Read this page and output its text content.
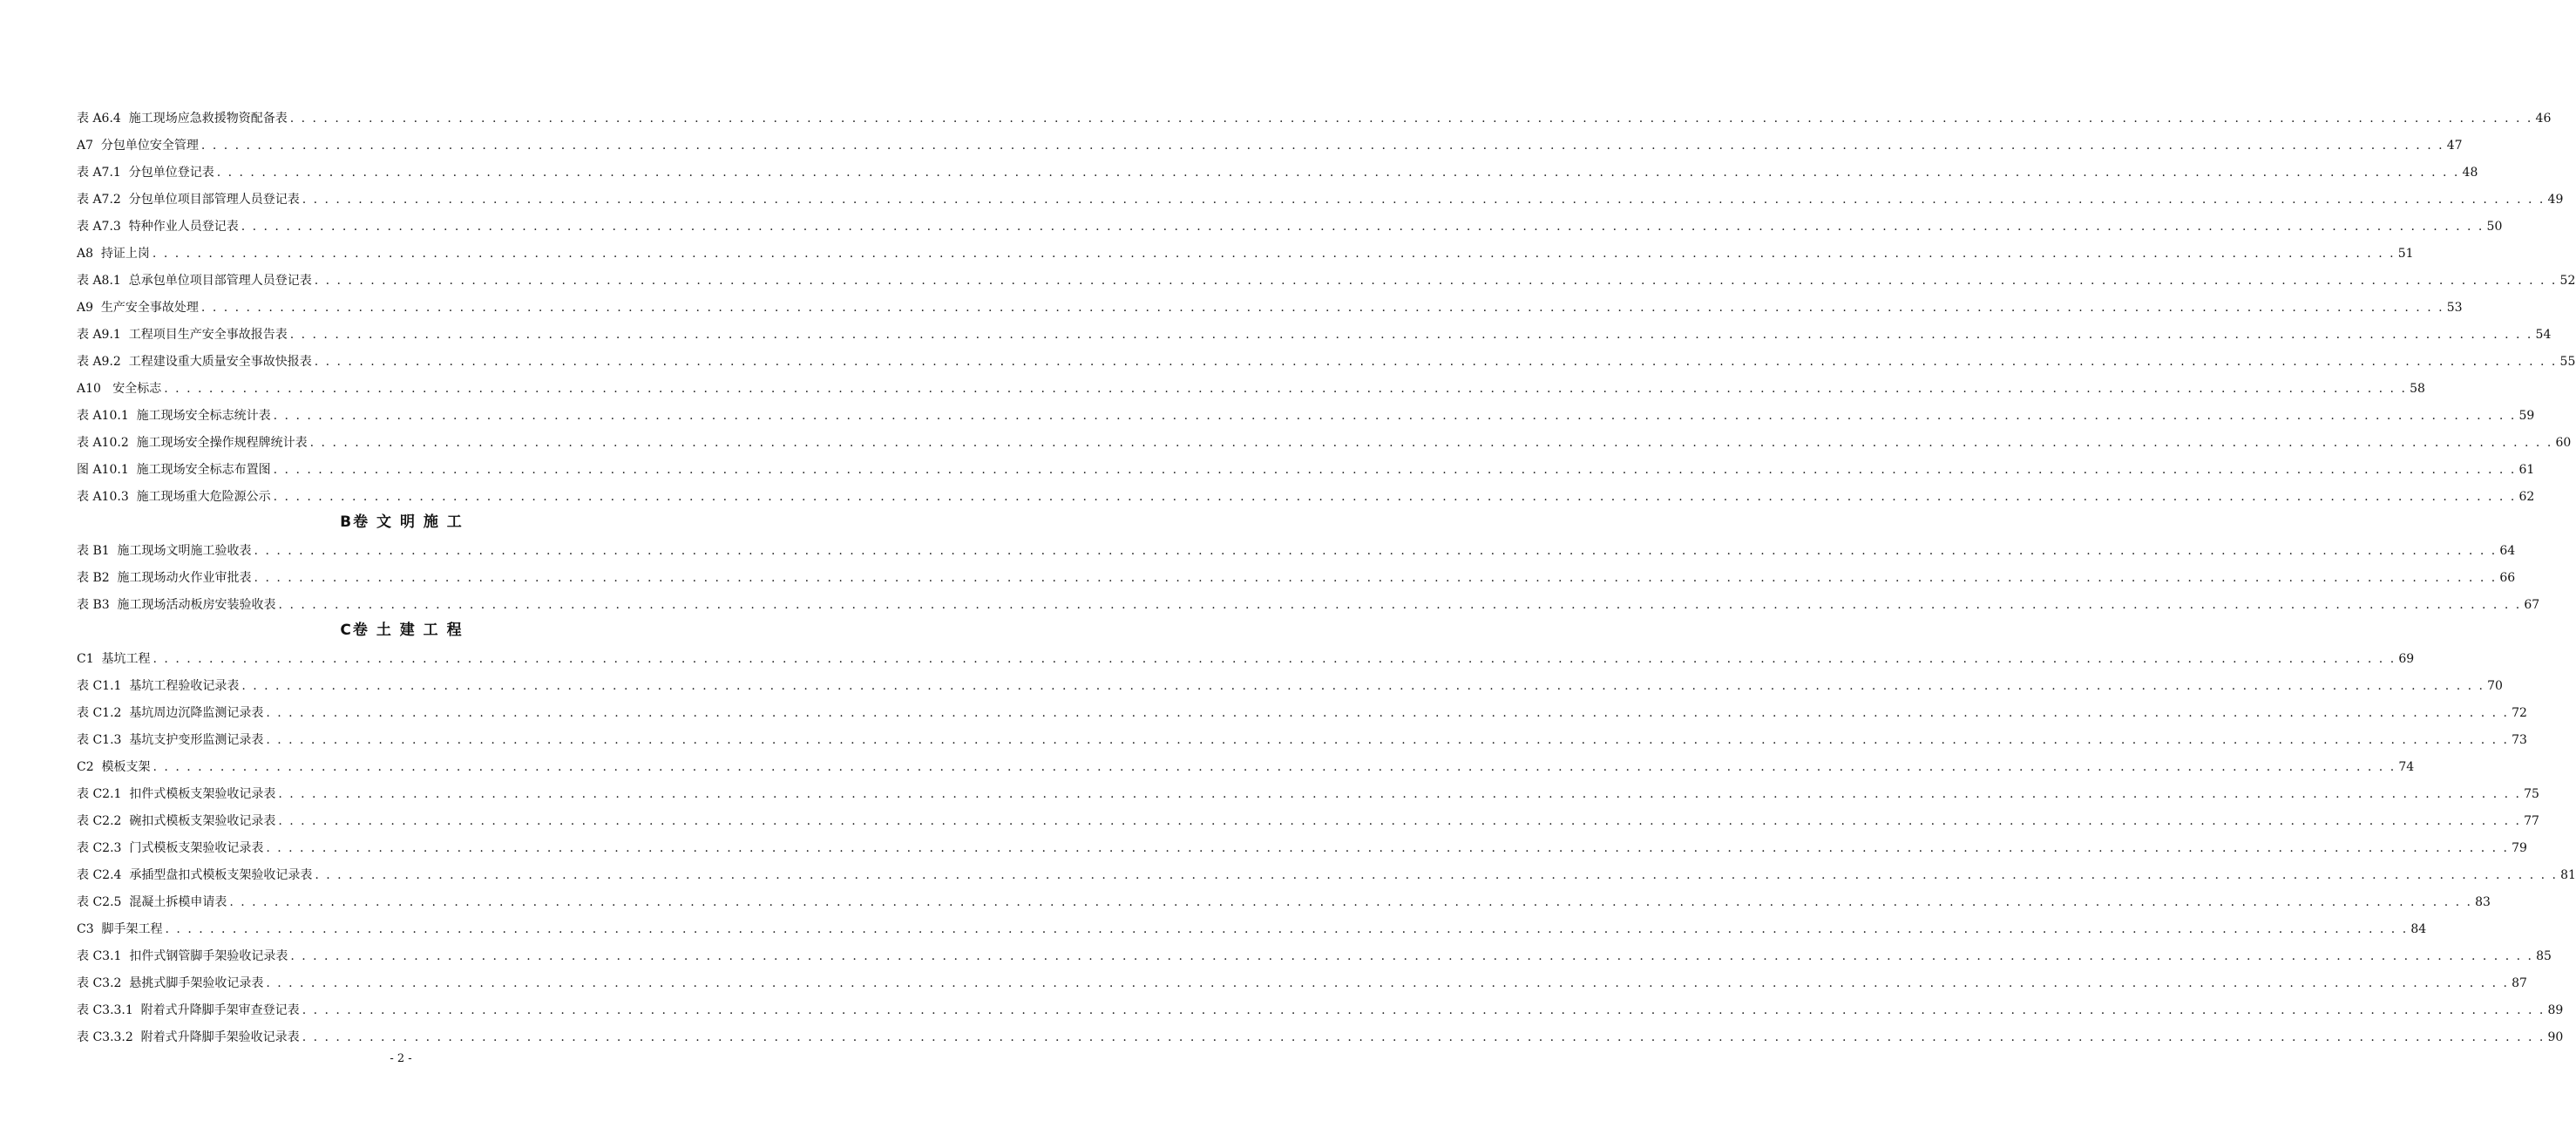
表 A6.4  施工现场应急救援物资配备表 . . . . . . . . . . . . . . . . . . . . . . . . . . . . . . . . . . . . . . . . . . . . . . . . . . . . . . . . . . . . . . . . . . . . . . . . . . . . . . . . . . . . . . . . . . . . . . . . . . . . . . . . . . . . . . . . . . . . . . . . . . . . . . . . . . . . . . . . . . . . . . . . . . . . . . . . . . . . . . . . . . . . . . . . . . . . . . . . . . . . . . . . . . . . . . . . . . . . . . . . 46
A7  分包单位安全管理 . . . . . . . . . . . . . . . . . . . . . . . . . . . . . . . . . . . . . . . . . . . . . . . . . . . . . . . . . . . . . . . . . . . . . . . . . . . . . . . . . . . . . . . . . . . . . . . . . . . . . . . . . . . . . . . . . . . . . . . . . . . . . . . . . . . . . . . . . . . . . . . . . . . . . . . . . . . . . . . . . . . . . . . . . . . . . . . . . . . . . . . . . . . . . . . . . . . . . . . . 47
表 A7.1  分包单位登记表 . . . . . . . . . . . . . . . . . . . . . . . . . . . . . . . . . . . . . . . . . . . . . . . . . . . . . . . . . . . . . . . . . . . . . . . . . . . . . . . . . . . . . . . . . . . . . . . . . . . . . . . . . . . . . . . . . . . . . . . . . . . . . . . . . . . . . . . . . . . . . . . . . . . . . . . . . . . . . . . . . . . . . . . . . . . . . . . . . . . . . . . . . . . . . . . . . . . . . . . . 48
表 A7.2  分包单位项目部管理人员登记表 . . . . . . . . . . . . . . . . . . . . . . . . . . . . . . . . . . . . . . . . . . . . . . . . . . . . . . . . . . . . . . . . . . . . . . . . . . . . . . . . . . . . . . . . . . . . . . . . . . . . . . . . . . . . . . . . . . . . . . . . . . . . . . . . . . . . . . . . . . . . . . . . . . . . . . . . . . . . . . . . . . . . . . . . . . . . . . . . . . . . . . . . . . . . . . . . . . . . . . . . 49
表 A7.3  特种作业人员登记表 . . . . . . . . . . . . . . . . . . . . . . . . . . . . . . . . . . . . . . . . . . . . . . . . . . . . . . . . . . . . . . . . . . . . . . . . . . . . . . . . . . . . . . . . . . . . . . . . . . . . . . . . . . . . . . . . . . . . . . . . . . . . . . . . . . . . . . . . . . . . . . . . . . . . . . . . . . . . . . . . . . . . . . . . . . . . . . . . . . . . . . . . . . . . . . . . . . . . . . . . 50
A8  持证上岗 . . . . . . . . . . . . . . . . . . . . . . . . . . . . . . . . . . . . . . . . . . . . . . . . . . . . . . . . . . . . . . . . . . . . . . . . . . . . . . . . . . . . . . . . . . . . . . . . . . . . . . . . . . . . . . . . . . . . . . . . . . . . . . . . . . . . . . . . . . . . . . . . . . . . . . . . . . . . . . . . . . . . . . . . . . . . . . . . . . . . . . . . . . . . . . . . . . . . . . . . 51
表 A8.1  总承包单位项目部管理人员登记表 . . . . . . . . . . . . . . . . . . . . . . . . . . . . . . . . . . . . . . . . . . . . . . . . . . . . . . . . . . . . . . . . . . . . . . . . . . . . . . . . . . . . . . . . . . . . . . . . . . . . . . . . . . . . . . . . . . . . . . . . . . . . . . . . . . . . . . . . . . . . . . . . . . . . . . . . . . . . . . . . . . . . . . . . . . . . . . . . . . . . . . . . . . . . . . . . . . . . . . . . 52
A9  生产安全事故处理 . . . . . . . . . . . . . . . . . . . . . . . . . . . . . . . . . . . . . . . . . . . . . . . . . . . . . . . . . . . . . . . . . . . . . . . . . . . . . . . . . . . . . . . . . . . . . . . . . . . . . . . . . . . . . . . . . . . . . . . . . . . . . . . . . . . . . . . . . . . . . . . . . . . . . . . . . . . . . . . . . . . . . . . . . . . . . . . . . . . . . . . . . . . . . . . . . . . . . . . . 53
表 A9.1  工程项目生产安全事故报告表 . . . . . . . . . . . . . . . . . . . . . . . . . . . . . . . . . . . . . . . . . . . . . . . . . . . . . . . . . . . . . . . . . . . . . . . . . . . . . . . . . . . . . . . . . . . . . . . . . . . . . . . . . . . . . . . . . . . . . . . . . . . . . . . . . . . . . . . . . . . . . . . . . . . . . . . . . . . . . . . . . . . . . . . . . . . . . . . . . . . . . . . . . . . . . . . . . . . . . . . . 54
表 A9.2  工程建设重大质量安全事故快报表 . . . . . . . . . . . . . . . . . . . . . . . . . . . . . . . . . . . . . . . . . . . . . . . . . . . . . . . . . . . . . . . . . . . . . . . . . . . . . . . . . . . . . . . . . . . . . . . . . . . . . . . . . . . . . . . . . . . . . . . . . . . . . . . . . . . . . . . . . . . . . . . . . . . . . . . . . . . . . . . . . . . . . . . . . . . . . . . . . . . . . . . . . . . . . . . . . . . . . . . . 55
A10   安全标志 . . . . . . . . . . . . . . . . . . . . . . . . . . . . . . . . . . . . . . . . . . . . . . . . . . . . . . . . . . . . . . . . . . . . . . . . . . . . . . . . . . . . . . . . . . . . . . . . . . . . . . . . . . . . . . . . . . . . . . . . . . . . . . . . . . . . . . . . . . . . . . . . . . . . . . . . . . . . . . . . . . . . . . . . . . . . . . . . . . . . . . . . . . . . . . . . . . . . . . . . 58
表 A10.1  施工现场安全标志统计表 . . . . . . . . . . . . . . . . . . . . . . . . . . . . . . . . . . . . . . . . . . . . . . . . . . . . . . . . . . . . . . . . . . . . . . . . . . . . . . . . . . . . . . . . . . . . . . . . . . . . . . . . . . . . . . . . . . . . . . . . . . . . . . . . . . . . . . . . . . . . . . . . . . . . . . . . . . . . . . . . . . . . . . . . . . . . . . . . . . . . . . . . . . . . . . . . . . . . . . . . 59
表 A10.2  施工现场安全操作规程牌统计表 . . . . . . . . . . . . . . . . . . . . . . . . . . . . . . . . . . . . . . . . . . . . . . . . . . . . . . . . . . . . . . . . . . . . . . . . . . . . . . . . . . . . . . . . . . . . . . . . . . . . . . . . . . . . . . . . . . . . . . . . . . . . . . . . . . . . . . . . . . . . . . . . . . . . . . . . . . . . . . . . . . . . . . . . . . . . . . . . . . . . . . . . . . . . . . . . . . . . . . . . 60
图 A10.1  施工现场安全标志布置图 . . . . . . . . . . . . . . . . . . . . . . . . . . . . . . . . . . . . . . . . . . . . . . . . . . . . . . . . . . . . . . . . . . . . . . . . . . . . . . . . . . . . . . . . . . . . . . . . . . . . . . . . . . . . . . . . . . . . . . . . . . . . . . . . . . . . . . . . . . . . . . . . . . . . . . . . . . . . . . . . . . . . . . . . . . . . . . . . . . . . . . . . . . . . . . . . . . . . . . . . 61
表 A10.3  施工现场重大危险源公示 . . . . . . . . . . . . . . . . . . . . . . . . . . . . . . . . . . . . . . . . . . . . . . . . . . . . . . . . . . . . . . . . . . . . . . . . . . . . . . . . . . . . . . . . . . . . . . . . . . . . . . . . . . . . . . . . . . . . . . . . . . . . . . . . . . . . . . . . . . . . . . . . . . . . . . . . . . . . . . . . . . . . . . . . . . . . . . . . . . . . . . . . . . . . . . . . . . . . . . . . 62
B卷 文 明 施 工
表 B1  施工现场文明施工验收表 . . . . . . . . . . . . . . . . . . . . . . . . . . . . . . . . . . . . . . . . . . . . . . . . . . . . . . . . . . . . . . . . . . . . . . . . . . . . . . . . . . . . . . . . . . . . . . . . . . . . . . . . . . . . . . . . . . . . . . . . . . . . . . . . . . . . . . . . . . . . . . . . . . . . . . . . . . . . . . . . . . . . . . . . . . . . . . . . . . . . . . . . . . . . . . . . . . . . . . . . 64
表 B2  施工现场动火作业审批表 . . . . . . . . . . . . . . . . . . . . . . . . . . . . . . . . . . . . . . . . . . . . . . . . . . . . . . . . . . . . . . . . . . . . . . . . . . . . . . . . . . . . . . . . . . . . . . . . . . . . . . . . . . . . . . . . . . . . . . . . . . . . . . . . . . . . . . . . . . . . . . . . . . . . . . . . . . . . . . . . . . . . . . . . . . . . . . . . . . . . . . . . . . . . . . . . . . . . . . . . 66
表 B3  施工现场活动板房安装验收表 . . . . . . . . . . . . . . . . . . . . . . . . . . . . . . . . . . . . . . . . . . . . . . . . . . . . . . . . . . . . . . . . . . . . . . . . . . . . . . . . . . . . . . . . . . . . . . . . . . . . . . . . . . . . . . . . . . . . . . . . . . . . . . . . . . . . . . . . . . . . . . . . . . . . . . . . . . . . . . . . . . . . . . . . . . . . . . . . . . . . . . . . . . . . . . . . . . . . . . . . 67
C卷 土 建 工 程
C1  基坑工程 . . . . . . . . . . . . . . . . . . . . . . . . . . . . . . . . . . . . . . . . . . . . . . . . . . . . . . . . . . . . . . . . . . . . . . . . . . . . . . . . . . . . . . . . . . . . . . . . . . . . . . . . . . . . . . . . . . . . . . . . . . . . . . . . . . . . . . . . . . . . . . . . . . . . . . . . . . . . . . . . . . . . . . . . . . . . . . . . . . . . . . . . . . . . . . . . . . . . . . . . 69
表 C1.1  基坑工程验收记录表 . . . . . . . . . . . . . . . . . . . . . . . . . . . . . . . . . . . . . . . . . . . . . . . . . . . . . . . . . . . . . . . . . . . . . . . . . . . . . . . . . . . . . . . . . . . . . . . . . . . . . . . . . . . . . . . . . . . . . . . . . . . . . . . . . . . . . . . . . . . . . . . . . . . . . . . . . . . . . . . . . . . . . . . . . . . . . . . . . . . . . . . . . . . . . . . . . . . . . . . . 70
表 C1.2  基坑周边沉降监测记录表 . . . . . . . . . . . . . . . . . . . . . . . . . . . . . . . . . . . . . . . . . . . . . . . . . . . . . . . . . . . . . . . . . . . . . . . . . . . . . . . . . . . . . . . . . . . . . . . . . . . . . . . . . . . . . . . . . . . . . . . . . . . . . . . . . . . . . . . . . . . . . . . . . . . . . . . . . . . . . . . . . . . . . . . . . . . . . . . . . . . . . . . . . . . . . . . . . . . . . . . . 72
表 C1.3  基坑支护变形监测记录表 . . . . . . . . . . . . . . . . . . . . . . . . . . . . . . . . . . . . . . . . . . . . . . . . . . . . . . . . . . . . . . . . . . . . . . . . . . . . . . . . . . . . . . . . . . . . . . . . . . . . . . . . . . . . . . . . . . . . . . . . . . . . . . . . . . . . . . . . . . . . . . . . . . . . . . . . . . . . . . . . . . . . . . . . . . . . . . . . . . . . . . . . . . . . . . . . . . . . . . . . 73
C2  模板支架 . . . . . . . . . . . . . . . . . . . . . . . . . . . . . . . . . . . . . . . . . . . . . . . . . . . . . . . . . . . . . . . . . . . . . . . . . . . . . . . . . . . . . . . . . . . . . . . . . . . . . . . . . . . . . . . . . . . . . . . . . . . . . . . . . . . . . . . . . . . . . . . . . . . . . . . . . . . . . . . . . . . . . . . . . . . . . . . . . . . . . . . . . . . . . . . . . . . . . . . . 74
表 C2.1  扣件式模板支架验收记录表 . . . . . . . . . . . . . . . . . . . . . . . . . . . . . . . . . . . . . . . . . . . . . . . . . . . . . . . . . . . . . . . . . . . . . . . . . . . . . . . . . . . . . . . . . . . . . . . . . . . . . . . . . . . . . . . . . . . . . . . . . . . . . . . . . . . . . . . . . . . . . . . . . . . . . . . . . . . . . . . . . . . . . . . . . . . . . . . . . . . . . . . . . . . . . . . . . . . . . . . . 75
表 C2.2  碗扣式模板支架验收记录表 . . . . . . . . . . . . . . . . . . . . . . . . . . . . . . . . . . . . . . . . . . . . . . . . . . . . . . . . . . . . . . . . . . . . . . . . . . . . . . . . . . . . . . . . . . . . . . . . . . . . . . . . . . . . . . . . . . . . . . . . . . . . . . . . . . . . . . . . . . . . . . . . . . . . . . . . . . . . . . . . . . . . . . . . . . . . . . . . . . . . . . . . . . . . . . . . . . . . . . . . 77
表 C2.3  门式模板支架验收记录表 . . . . . . . . . . . . . . . . . . . . . . . . . . . . . . . . . . . . . . . . . . . . . . . . . . . . . . . . . . . . . . . . . . . . . . . . . . . . . . . . . . . . . . . . . . . . . . . . . . . . . . . . . . . . . . . . . . . . . . . . . . . . . . . . . . . . . . . . . . . . . . . . . . . . . . . . . . . . . . . . . . . . . . . . . . . . . . . . . . . . . . . . . . . . . . . . . . . . . . . . 79
表 C2.4  承插型盘扣式模板支架验收记录表 . . . . . . . . . . . . . . . . . . . . . . . . . . . . . . . . . . . . . . . . . . . . . . . . . . . . . . . . . . . . . . . . . . . . . . . . . . . . . . . . . . . . . . . . . . . . . . . . . . . . . . . . . . . . . . . . . . . . . . . . . . . . . . . . . . . . . . . . . . . . . . . . . . . . . . . . . . . . . . . . . . . . . . . . . . . . . . . . . . . . . . . . . . . . . . . . . . . . . . . . 81
表 C2.5  混凝土拆模申请表 . . . . . . . . . . . . . . . . . . . . . . . . . . . . . . . . . . . . . . . . . . . . . . . . . . . . . . . . . . . . . . . . . . . . . . . . . . . . . . . . . . . . . . . . . . . . . . . . . . . . . . . . . . . . . . . . . . . . . . . . . . . . . . . . . . . . . . . . . . . . . . . . . . . . . . . . . . . . . . . . . . . . . . . . . . . . . . . . . . . . . . . . . . . . . . . . . . . . . . . . 83
C3  脚手架工程 . . . . . . . . . . . . . . . . . . . . . . . . . . . . . . . . . . . . . . . . . . . . . . . . . . . . . . . . . . . . . . . . . . . . . . . . . . . . . . . . . . . . . . . . . . . . . . . . . . . . . . . . . . . . . . . . . . . . . . . . . . . . . . . . . . . . . . . . . . . . . . . . . . . . . . . . . . . . . . . . . . . . . . . . . . . . . . . . . . . . . . . . . . . . . . . . . . . . . . . . 84
表 C3.1  扣件式钢管脚手架验收记录表 . . . . . . . . . . . . . . . . . . . . . . . . . . . . . . . . . . . . . . . . . . . . . . . . . . . . . . . . . . . . . . . . . . . . . . . . . . . . . . . . . . . . . . . . . . . . . . . . . . . . . . . . . . . . . . . . . . . . . . . . . . . . . . . . . . . . . . . . . . . . . . . . . . . . . . . . . . . . . . . . . . . . . . . . . . . . . . . . . . . . . . . . . . . . . . . . . . . . . . . . 85
表 C3.2  悬挑式脚手架验收记录表 . . . . . . . . . . . . . . . . . . . . . . . . . . . . . . . . . . . . . . . . . . . . . . . . . . . . . . . . . . . . . . . . . . . . . . . . . . . . . . . . . . . . . . . . . . . . . . . . . . . . . . . . . . . . . . . . . . . . . . . . . . . . . . . . . . . . . . . . . . . . . . . . . . . . . . . . . . . . . . . . . . . . . . . . . . . . . . . . . . . . . . . . . . . . . . . . . . . . . . . . 87
表 C3.3.1  附着式升降脚手架审查登记表 . . . . . . . . . . . . . . . . . . . . . . . . . . . . . . . . . . . . . . . . . . . . . . . . . . . . . . . . . . . . . . . . . . . . . . . . . . . . . . . . . . . . . . . . . . . . . . . . . . . . . . . . . . . . . . . . . . . . . . . . . . . . . . . . . . . . . . . . . . . . . . . . . . . . . . . . . . . . . . . . . . . . . . . . . . . . . . . . . . . . . . . . . . . . . . . . . . . . . . . . 89
表 C3.3.2  附着式升降脚手架验收记录表 . . . . . . . . . . . . . . . . . . . . . . . . . . . . . . . . . . . . . . . . . . . . . . . . . . . . . . . . . . . . . . . . . . . . . . . . . . . . . . . . . . . . . . . . . . . . . . . . . . . . . . . . . . . . . . . . . . . . . . . . . . . . . . . . . . . . . . . . . . . . . . . . . . . . . . . . . . . . . . . . . . . . . . . . . . . . . . . . . . . . . . . . . . . . . . . . . . . . . . . . 90
- 2 -
